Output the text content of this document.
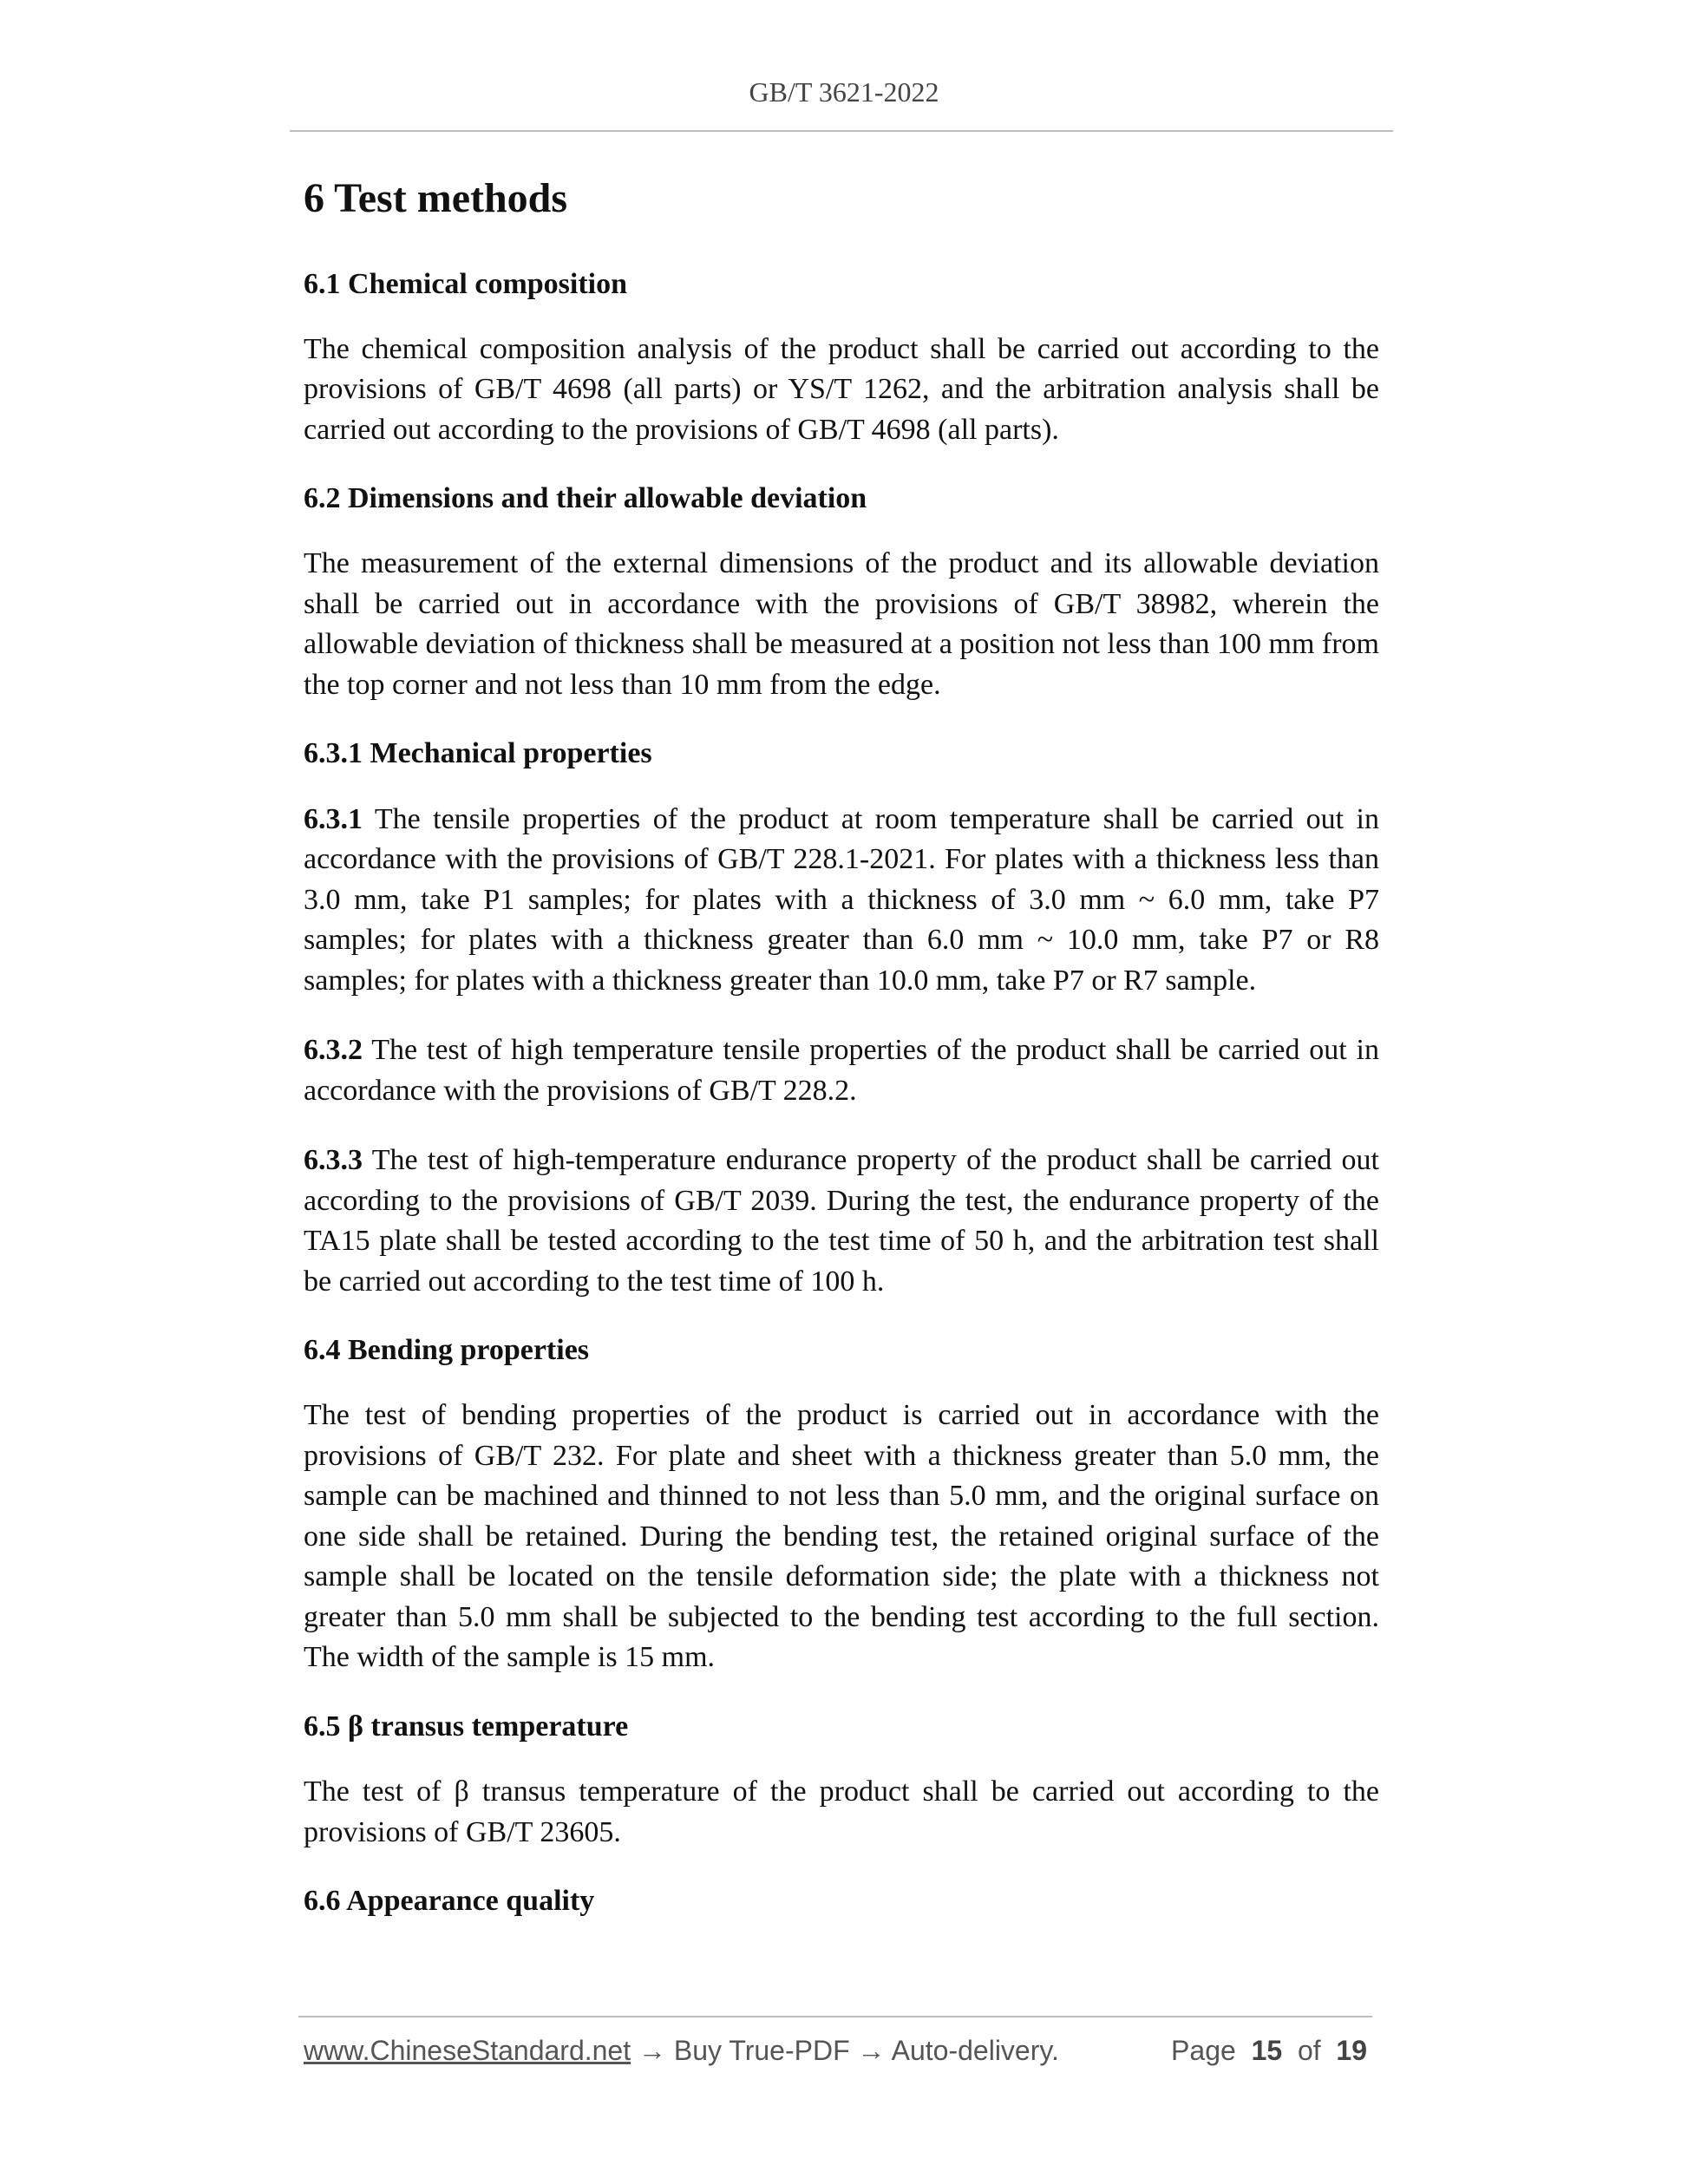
GB/T 3621-2022
6 Test methods
6.1 Chemical composition

The chemical composition analysis of the product shall be carried out according to the provisions of GB/T 4698 (all parts) or YS/T 1262, and the arbitration analysis shall be carried out according to the provisions of GB/T 4698 (all parts).

6.2 Dimensions and their allowable deviation

The measurement of the external dimensions of the product and its allowable deviation shall be carried out in accordance with the provisions of GB/T 38982, wherein the allowable deviation of thickness shall be measured at a position not less than 100 mm from the top corner and not less than 10 mm from the edge.

6.3.1 Mechanical properties

6.3.1 The tensile properties of the product at room temperature shall be carried out in accordance with the provisions of GB/T 228.1-2021. For plates with a thickness less than 3.0 mm, take P1 samples; for plates with a thickness of 3.0 mm ~ 6.0 mm, take P7 samples; for plates with a thickness greater than 6.0 mm ~ 10.0 mm, take P7 or R8 samples; for plates with a thickness greater than 10.0 mm, take P7 or R7 sample.

6.3.2 The test of high temperature tensile properties of the product shall be carried out in accordance with the provisions of GB/T 228.2.

6.3.3 The test of high-temperature endurance property of the product shall be carried out according to the provisions of GB/T 2039. During the test, the endurance property of the TA15 plate shall be tested according to the test time of 50 h, and the arbitration test shall be carried out according to the test time of 100 h.

6.4 Bending properties

The test of bending properties of the product is carried out in accordance with the provisions of GB/T 232. For plate and sheet with a thickness greater than 5.0 mm, the sample can be machined and thinned to not less than 5.0 mm, and the original surface on one side shall be retained. During the bending test, the retained original surface of the sample shall be located on the tensile deformation side; the plate with a thickness not greater than 5.0 mm shall be subjected to the bending test according to the full section. The width of the sample is 15 mm.

6.5 β transus temperature

The test of β transus temperature of the product shall be carried out according to the provisions of GB/T 23605.

6.6 Appearance quality
www.ChineseStandard.net → Buy True-PDF → Auto-delivery.	Page 15 of 19
